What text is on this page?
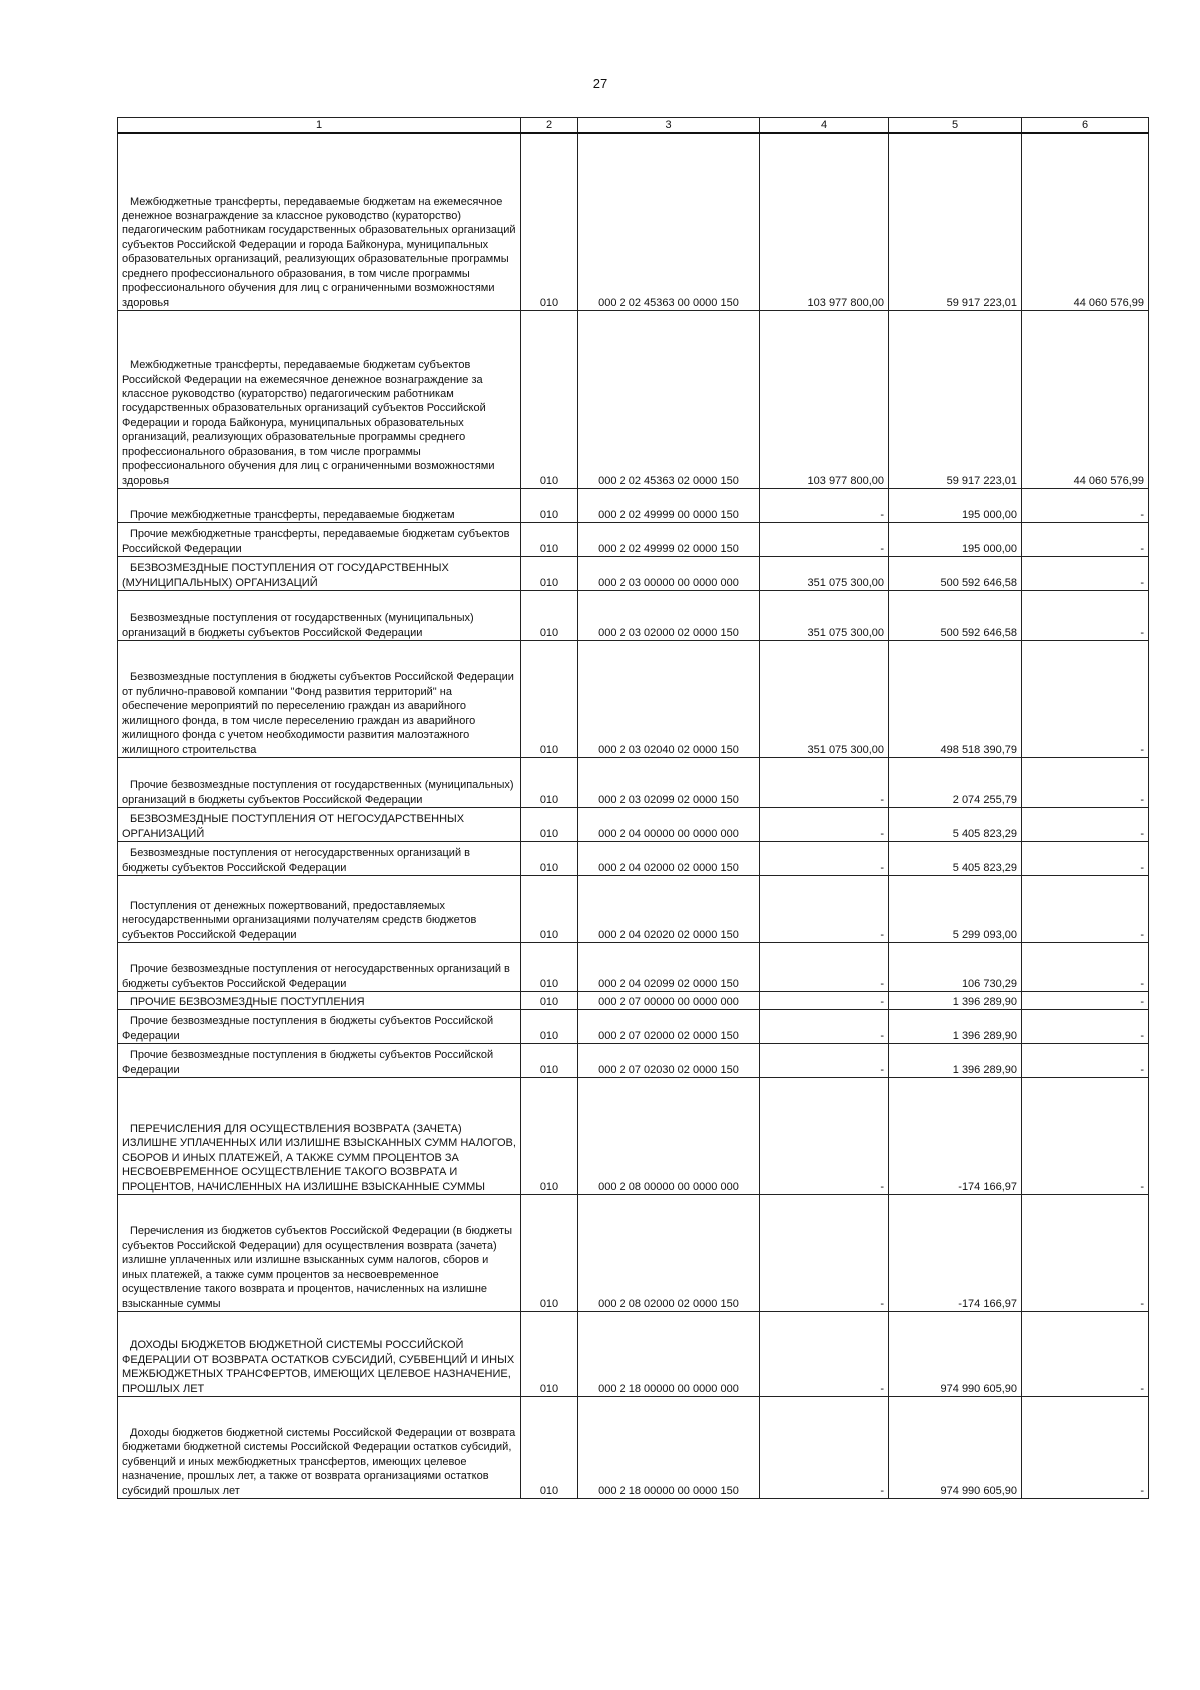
27
1	2	3	4	5	6
Межбюджетные трансферты, передаваемые бюджетам на ежемесячное денежное вознаграждение за классное руководство (кураторство) педагогическим работникам государственных образовательных организаций субъектов Российской Федерации и города Байконура, муниципальных образовательных организаций, реализующих образовательные программы среднего профессионального образования, в том числе программы профессионального обучения для лиц с ограниченными возможностями здоровья	010	000 2 02 45363 00 0000 150	103 977 800,00	59 917 223,01	44 060 576,99
Межбюджетные трансферты, передаваемые бюджетам субъектов Российской Федерации на ежемесячное денежное вознаграждение за классное руководство (кураторство) педагогическим работникам государственных образовательных организаций субъектов Российской Федерации и города Байконура, муниципальных образовательных организаций, реализующих образовательные программы среднего профессионального образования, в том числе программы профессионального обучения для лиц с ограниченными возможностями здоровья	010	000 2 02 45363 02 0000 150	103 977 800,00	59 917 223,01	44 060 576,99
Прочие межбюджетные трансферты, передаваемые бюджетам	010	000 2 02 49999 00 0000 150	-	195 000,00	-
Прочие межбюджетные трансферты, передаваемые бюджетам субъектов Российской Федерации	010	000 2 02 49999 02 0000 150	-	195 000,00	-
БЕЗВОЗМЕЗДНЫЕ ПОСТУПЛЕНИЯ ОТ ГОСУДАРСТВЕННЫХ (МУНИЦИПАЛЬНЫХ) ОРГАНИЗАЦИЙ	010	000 2 03 00000 00 0000 000	351 075 300,00	500 592 646,58	-
Безвозмездные поступления от государственных (муниципальных) организаций в бюджеты субъектов Российской Федерации	010	000 2 03 02000 02 0000 150	351 075 300,00	500 592 646,58	-
Безвозмездные поступления в бюджеты субъектов Российской Федерации от публично-правовой компании "Фонд развития территорий" на обеспечение мероприятий по переселению граждан из аварийного жилищного фонда, в том числе переселению граждан из аварийного жилищного фонда с учетом необходимости развития малоэтажного жилищного строительства	010	000 2 03 02040 02 0000 150	351 075 300,00	498 518 390,79	-
Прочие безвозмездные поступления от государственных (муниципальных) организаций в бюджеты субъектов Российской Федерации	010	000 2 03 02099 02 0000 150	-	2 074 255,79	-
БЕЗВОЗМЕЗДНЫЕ ПОСТУПЛЕНИЯ ОТ НЕГОСУДАРСТВЕННЫХ ОРГАНИЗАЦИЙ	010	000 2 04 00000 00 0000 000	-	5 405 823,29	-
Безвозмездные поступления от негосударственных организаций в бюджеты субъектов Российской Федерации	010	000 2 04 02000 02 0000 150	-	5 405 823,29	-
Поступления от денежных пожертвований, предоставляемых негосударственными организациями получателям средств бюджетов субъектов Российской Федерации	010	000 2 04 02020 02 0000 150	-	5 299 093,00	-
Прочие безвозмездные поступления от негосударственных организаций в бюджеты субъектов Российской Федерации	010	000 2 04 02099 02 0000 150	-	106 730,29	-
ПРОЧИЕ БЕЗВОЗМЕЗДНЫЕ ПОСТУПЛЕНИЯ	010	000 2 07 00000 00 0000 000	-	1 396 289,90	-
Прочие безвозмездные поступления в бюджеты субъектов Российской Федерации	010	000 2 07 02000 02 0000 150	-	1 396 289,90	-
Прочие безвозмездные поступления в бюджеты субъектов Российской Федерации	010	000 2 07 02030 02 0000 150	-	1 396 289,90	-
ПЕРЕЧИСЛЕНИЯ ДЛЯ ОСУЩЕСТВЛЕНИЯ ВОЗВРАТА (ЗАЧЕТА) ИЗЛИШНЕ УПЛАЧЕННЫХ ИЛИ ИЗЛИШНЕ ВЗЫСКАННЫХ СУММ НАЛОГОВ, СБОРОВ И ИНЫХ ПЛАТЕЖЕЙ, А ТАКЖЕ СУММ ПРОЦЕНТОВ ЗА НЕСВОЕВРЕМЕННОЕ ОСУЩЕСТВЛЕНИЕ ТАКОГО ВОЗВРАТА И ПРОЦЕНТОВ, НАЧИСЛЕННЫХ НА ИЗЛИШНЕ ВЗЫСКАННЫЕ СУММЫ	010	000 2 08 00000 00 0000 000	-	-174 166,97	-
Перечисления из бюджетов субъектов Российской Федерации (в бюджеты субъектов Российской Федерации) для осуществления возврата (зачета) излишне уплаченных или излишне взысканных сумм налогов, сборов и иных платежей, а также сумм процентов за несвоевременное осуществление такого возврата и процентов, начисленных на излишне взысканные суммы	010	000 2 08 02000 02 0000 150	-	-174 166,97	-
ДОХОДЫ БЮДЖЕТОВ БЮДЖЕТНОЙ СИСТЕМЫ РОССИЙСКОЙ ФЕДЕРАЦИИ ОТ ВОЗВРАТА ОСТАТКОВ СУБСИДИЙ, СУБВЕНЦИЙ И ИНЫХ МЕЖБЮДЖЕТНЫХ ТРАНСФЕРТОВ, ИМЕЮЩИХ ЦЕЛЕВОЕ НАЗНАЧЕНИЕ, ПРОШЛЫХ ЛЕТ	010	000 2 18 00000 00 0000 000	-	974 990 605,90	-
Доходы бюджетов бюджетной системы Российской Федерации от возврата бюджетами бюджетной системы Российской Федерации остатков субсидий, субвенций и иных межбюджетных трансфертов, имеющих целевое назначение, прошлых лет, а также от возврата организациями остатков субсидий прошлых лет	010	000 2 18 00000 00 0000 150	-	974 990 605,90	-
